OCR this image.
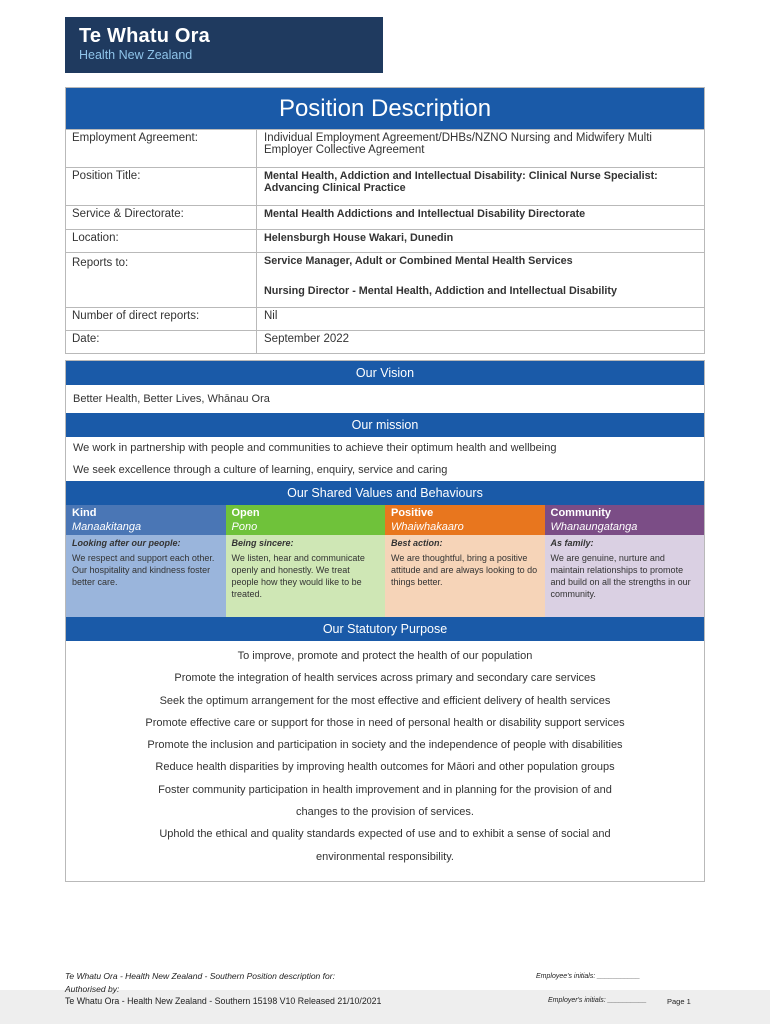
Te Whatu Ora
Health New Zealand
Position Description
Employment Agreement:	Individual Employment Agreement/DHBs/NZNO Nursing and Midwifery Multi Employer Collective Agreement
Position Title:	Mental Health, Addiction and Intellectual Disability: Clinical Nurse Specialist: Advancing Clinical Practice
Service & Directorate:	Mental Health Addictions and Intellectual Disability Directorate
Location:	Helensburgh House Wakari, Dunedin
Reports to:	Service Manager, Adult or Combined Mental Health Services
Nursing Director - Mental Health, Addiction and Intellectual Disability
Number of direct reports:	Nil
Date:	September 2022
Our Vision
Better Health, Better Lives, Whānau Ora
Our mission
We work in partnership with people and communities to achieve their optimum health and wellbeing
We seek excellence through a culture of learning, enquiry, service and caring
Our Shared Values and Behaviours
Kind
Manaakitanga
Looking after our people:
We respect and support each other. Our hospitality and kindness foster better care.
Open
Pono
Being sincere:
We listen, hear and communicate openly and honestly. We treat people how they would like to be treated.
Positive
Whaiwhakaaro
Best action:
We are thoughtful, bring a positive attitude and are always looking to do things better.
Community
Whanaungatanga
As family:
We are genuine, nurture and maintain relationships to promote and build on all the strengths in our community.
Our Statutory Purpose
To improve, promote and protect the health of our population
Promote the integration of health services across primary and secondary care services
Seek the optimum arrangement for the most effective and efficient delivery of health services
Promote effective care or support for those in need of personal health or disability support services
Promote the inclusion and participation in society and the independence of people with disabilities
Reduce health disparities by improving health outcomes for Māori and other population groups
Foster community participation in health improvement and in planning for the provision of and
changes to the provision of services.
Uphold the ethical and quality standards expected of use and to exhibit a sense of social and
environmental responsibility.
Te Whatu Ora - Health New Zealand - Southern Position description for:
Authorised by:
Te Whatu Ora - Health New Zealand - Southern 15198 V10 Released 21/10/2021
Employee's initials: ___________
Employer's initials: __________	Page 1
